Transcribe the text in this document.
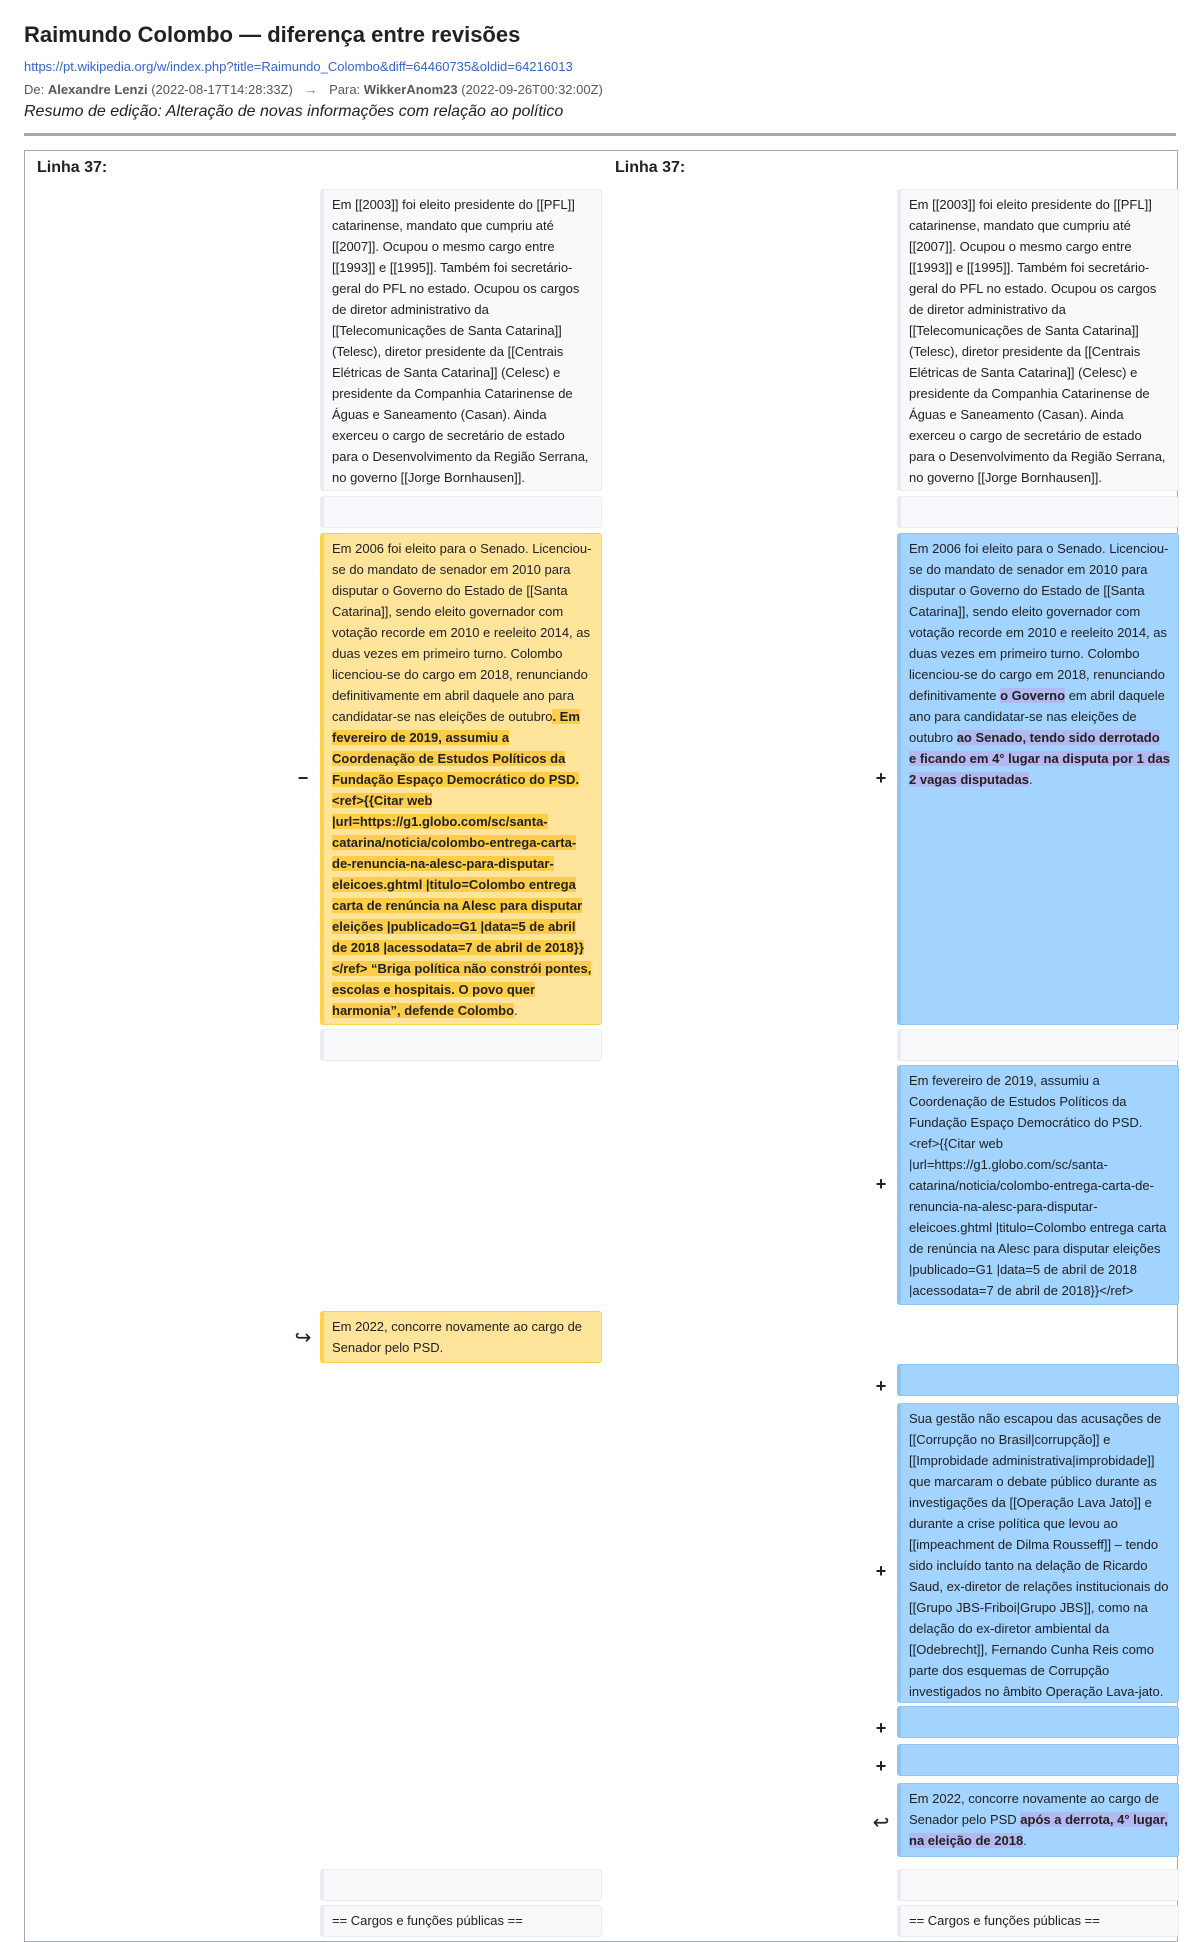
Raimundo Colombo — diferença entre revisões
https://pt.wikipedia.org/w/index.php?title=Raimundo_Colombo&diff=64460735&oldid=64216013
De: Alexandre Lenzi (2022-08-17T14:28:33Z) → Para: WikkerAnom23 (2022-09-26T00:32:00Z)
Resumo de edição: Alteração de novas informações com relação ao político
Linha 37:	Linha 37:
Em [[2003]] foi eleito presidente do [[PFL]] catarinense, mandato que cumpriu até [[2007]]. Ocupou o mesmo cargo entre [[1993]] e [[1995]]. Também foi secretário-geral do PFL no estado. Ocupou os cargos de diretor administrativo da [[Telecomunicações de Santa Catarina]] (Telesc), diretor presidente da [[Centrais Elétricas de Santa Catarina]] (Celesc) e presidente da Companhia Catarinense de Águas e Saneamento (Casan). Ainda exerceu o cargo de secretário de estado para o Desenvolvimento da Região Serrana, no governo [[Jorge Bornhausen]].
−
Em 2006 foi eleito para o Senado. Licenciou-se do mandato de senador em 2010 para disputar o Governo do Estado de [[Santa Catarina]], sendo eleito governador com votação recorde em 2010 e reeleito 2014, as duas vezes em primeiro turno. Colombo licenciou-se do cargo em 2018, renunciando definitivamente em abril daquele ano para candidatar-se nas eleições de outubro. Em fevereiro de 2019, assumiu a Coordenação de Estudos Políticos da Fundação Espaço Democrático do PSD. <ref>{{Citar web |url=https://g1.globo.com/sc/santa-catarina/noticia/colombo-entrega-carta-de-renuncia-na-alesc-para-disputar-eleicoes.ghtml |titulo=Colombo entrega carta de renúncia na Alesc para disputar eleições |publicado=G1 |data=5 de abril de 2018 |acessodata=7 de abril de 2018}}</ref> “Briga política não constrói pontes, escolas e hospitais. O povo quer harmonia”, defende Colombo.
↪
Em 2022, concorre novamente ao cargo de Senador pelo PSD.
== Cargos e funções públicas ==
Em [[2003]] foi eleito presidente do [[PFL]] catarinense, mandato que cumpriu até [[2007]]. Ocupou o mesmo cargo entre [[1993]] e [[1995]]. Também foi secretário-geral do PFL no estado. Ocupou os cargos de diretor administrativo da [[Telecomunicações de Santa Catarina]] (Telesc), diretor presidente da [[Centrais Elétricas de Santa Catarina]] (Celesc) e presidente da Companhia Catarinense de Águas e Saneamento (Casan). Ainda exerceu o cargo de secretário de estado para o Desenvolvimento da Região Serrana, no governo [[Jorge Bornhausen]].
+
Em 2006 foi eleito para o Senado. Licenciou-se do mandato de senador em 2010 para disputar o Governo do Estado de [[Santa Catarina]], sendo eleito governador com votação recorde em 2010 e reeleito 2014, as duas vezes em primeiro turno. Colombo licenciou-se do cargo em 2018, renunciando definitivamente o Governo em abril daquele ano para candidatar-se nas eleições de outubro ao Senado, tendo sido derrotado e ficando em 4° lugar na disputa por 1 das 2 vagas disputadas.
+
Em fevereiro de 2019, assumiu a Coordenação de Estudos Políticos da Fundação Espaço Democrático do PSD. <ref>{{Citar web |url=https://g1.globo.com/sc/santa-catarina/noticia/colombo-entrega-carta-de-renuncia-na-alesc-para-disputar-eleicoes.ghtml |titulo=Colombo entrega carta de renúncia na Alesc para disputar eleições |publicado=G1 |data=5 de abril de 2018 |acessodata=7 de abril de 2018}}</ref>
+
+
Sua gestão não escapou das acusações de [[Corrupção no Brasil|corrupção]] e [[Improbidade administrativa|improbidade]] que marcaram o debate público durante as investigações da [[Operação Lava Jato]] e durante a crise política que levou ao [[impeachment de Dilma Rousseff]] – tendo sido incluído tanto na delação de Ricardo Saud, ex-diretor de relações institucionais do [[Grupo JBS-Friboi|Grupo JBS]], como na delação do ex-diretor ambiental da [[Odebrecht]], Fernando Cunha Reis como parte dos esquemas de Corrupção investigados no âmbito Operação Lava-jato.
+
+
↩
Em 2022, concorre novamente ao cargo de Senador pelo PSD após a derrota, 4° lugar, na eleição de 2018.
== Cargos e funções públicas ==
